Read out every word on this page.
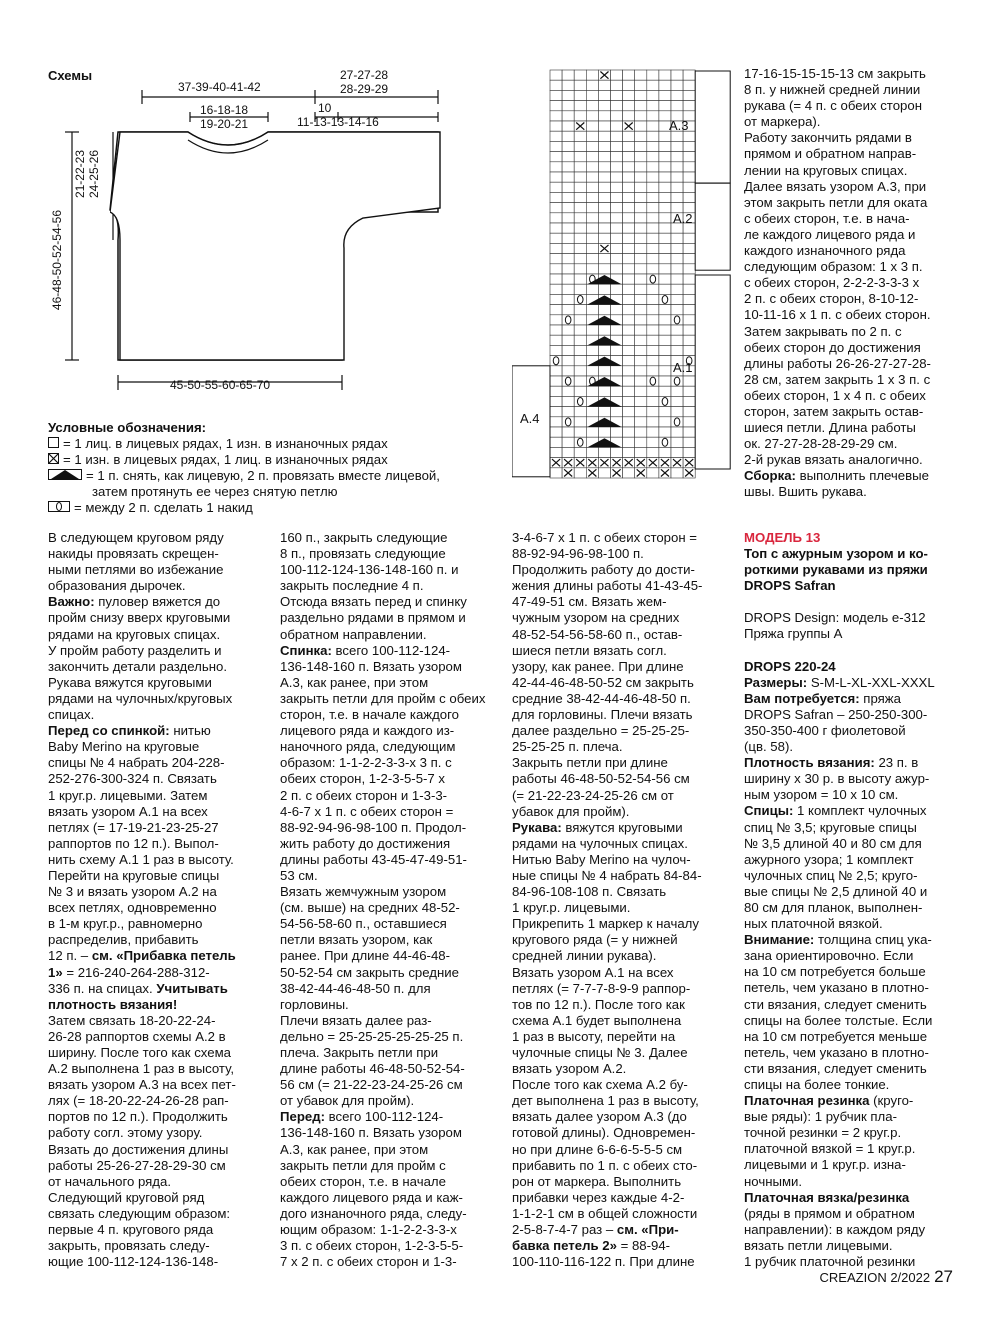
Схемы
37-39-40-41-42
27-27-28
28-29-29
16-18-18
19-20-21
10
11-13-13-14-16
21-22-23 24-25-26
46-48-50-52-54-56
45-50-55-60-65-70
Условные обозначения:
= 1 лиц. в лицевых рядах, 1 изн. в изнаночных рядах
= 1 изн. в лицевых рядах, 1 лиц. в изнаночных рядах
= 1 п. снять, как лицевую, 2 п. провязать вместе лицевой,
затем протянуть ее через снятую петлю
= между 2 п. сделать 1 накид
A.3
A.2
A.1
A.4

17-16-15-15-15-13 см закрыть

8 п. у нижней средней линии

рукава (= 4 п. с обеих сторон

от маркера).

Работу закончить рядами в

прямом и обратном направ-

лении на круговых спицах.

Далее вязать узором A.3, при

этом закрыть петли для оката

с обеих сторон, т.е. в нача-

ле каждого лицевого ряда и

каждого изнаночного ряда

следующим образом: 1 x 3 п.

с обеих сторон, 2-2-2-3-3-3 x

2 п. с обеих сторон, 8-10-12-

10-11-16 x 1 п. с обеих сторон.

Затем закрывать по 2 п. с

обеих сторон до достижения

длины работы 26-26-27-27-28-

28 см, затем закрыть 1 x 3 п. с

обеих сторон, 1 x 4 п. с обеих

сторон, затем закрыть остав-

шиеся петли. Длина работы

ок. 27-27-28-28-29-29 см.

2-й рукав вязать аналогично.

Сборка: выполнить плечевые

швы. Вшить рукава.

В следующем круговом ряду

накиды провязать скрещен-

ными петлями во избежание

образования дырочек.

Важно: пуловер вяжется до

пройм снизу вверх круговыми

рядами на круговых спицах.

У пройм работу разделить и

закончить детали раздельно.

Рукава вяжутся круговыми

рядами на чулочных/круговых

спицах.

Перед со спинкой: нитью

Baby Merino на круговые

спицы № 4 набрать 204-228-

252-276-300-324 п. Связать

1 круг.р. лицевыми. Затем

вязать узором A.1 на всех

петлях (= 17-19-21-23-25-27

раппортов по 12 п.). Выпол-

нить схему A.1 1 раз в высоту.

Перейти на круговые спицы

№ 3 и вязать узором A.2 на

всех петлях, одновременно

в 1-м круг.р., равномерно

распределив, прибавить

12 п. – см. «Прибавка петель

1» = 216-240-264-288-312-

336 п. на спицах. Учитывать

плотность вязания!

Затем связать 18-20-22-24-

26-28 раппортов схемы A.2 в

ширину. После того как схема

A.2 выполнена 1 раз в высоту,

вязать узором A.3 на всех пет-

лях (= 18-20-22-24-26-28 рап-

портов по 12 п.). Продолжить

работу согл. этому узору.

Вязать до достижения длины

работы 25-26-27-28-29-30 см

от начального ряда.

Следующий круговой ряд

связать следующим образом:

первые 4 п. кругового ряда

закрыть, провязать следу-

ющие 100-112-124-136-148-

160 п., закрыть следующие

8 п., провязать следующие

100-112-124-136-148-160 п. и

закрыть последние 4 п.

Отсюда вязать перед и спинку

раздельно рядами в прямом и

обратном направлении.

Спинка: всего 100-112-124-

136-148-160 п. Вязать узором

A.3, как ранее, при этом

закрыть петли для пройм с обеих

сторон, т.е. в начале каждого

лицевого ряда и каждого из-

наночного ряда, следующим

образом: 1-1-2-2-3-3-x 3 п. с

обеих сторон, 1-2-3-5-5-7 x

2 п. с обеих сторон и 1-3-3-

4-6-7 x 1 п. с обеих сторон =

88-92-94-96-98-100 п. Продол-

жить работу до достижения

длины работы 43-45-47-49-51-

53 см.

Вязать жемчужным узором

(см. выше) на средних 48-52-

54-56-58-60 п., оставшиеся

петли вязать узором, как

ранее. При длине 44-46-48-

50-52-54 см закрыть средние

38-42-44-46-48-50 п. для

горловины.

Плечи вязать далее раз-

дельно = 25-25-25-25-25-25 п.

плеча. Закрыть петли при

длине работы 46-48-50-52-54-

56 см (= 21-22-23-24-25-26 см

от убавок для пройм).

Перед: всего 100-112-124-

136-148-160 п. Вязать узором

A.3, как ранее, при этом

закрыть петли для пройм с

обеих сторон, т.е. в начале

каждого лицевого ряда и каж-

дого изнаночного ряда, следу-

ющим образом: 1-1-2-2-3-3-x

3 п. с обеих сторон, 1-2-3-5-5-

7 x 2 п. с обеих сторон и 1-3-

3-4-6-7 x 1 п. с обеих сторон =

88-92-94-96-98-100 п.

Продолжить работу до дости-

жения длины работы 41-43-45-

47-49-51 см. Вязать жем-

чужным узором на средних

48-52-54-56-58-60 п., остав-

шиеся петли вязать согл.

узору, как ранее. При длине

42-44-46-48-50-52 см закрыть

средние 38-42-44-46-48-50 п.

для горловины. Плечи вязать

далее раздельно = 25-25-25-

25-25-25 п. плеча.

Закрыть петли при длине

работы 46-48-50-52-54-56 см

(= 21-22-23-24-25-26 см от

убавок для пройм).

Рукава: вяжутся круговыми

рядами на чулочных спицах.

Нитью Baby Merino на чулоч-

ные спицы № 4 набрать 84-84-

84-96-108-108 п. Связать

1 круг.р. лицевыми.

Прикрепить 1 маркер к началу

кругового ряда (= у нижней

средней линии рукава).

Вязать узором A.1 на всех

петлях (= 7-7-7-8-9-9 раппор-

тов по 12 п.). После того как

схема A.1 будет выполнена

1 раз в высоту, перейти на

чулочные спицы № 3. Далее

вязать узором A.2.

После того как схема A.2 бу-

дет выполнена 1 раз в высоту,

вязать далее узором A.3 (до

готовой длины). Одновремен-

но при длине 6-6-6-5-5-5 см

прибавить по 1 п. с обеих сто-

рон от маркера. Выполнить

прибавки через каждые 4-2-

1-1-2-1 см в общей сложности

2-5-8-7-4-7 раз – см. «При-

бавка петель 2» = 88-94-

100-110-116-122 п. При длине

МОДЕЛЬ 13

Топ с ажурным узором и ко-

роткими рукавами из пряжи

DROPS Safran

DROPS Design: модель e-312

Пряжа группы A

DROPS 220-24

Размеры: S-M-L-XL-XXL-XXXL

Вам потребуется: пряжа

DROPS Safran – 250-250-300-

350-350-400 г фиолетовой

(цв. 58).

Плотность вязания: 23 п. в

ширину x 30 р. в высоту ажур-

ным узором = 10 x 10 см.

Спицы: 1 комплект чулочных

спиц № 3,5; круговые спицы

№ 3,5 длиной 40 и 80 см для

ажурного узора; 1 комплект

чулочных спиц № 2,5; круго-

вые спицы № 2,5 длиной 40 и

80 см для планок, выполнен-

ных платочной вязкой.

Внимание: толщина спиц ука-

зана ориентировочно. Если

на 10 см потребуется больше

петель, чем указано в плотно-

сти вязания, следует сменить

спицы на более толстые. Если

на 10 см потребуется меньше

петель, чем указано в плотно-

сти вязания, следует сменить

спицы на более тонкие.

Платочная резинка (круго-

вые ряды): 1 рубчик пла-

точной резинки = 2 круг.р.

платочной вязкой = 1 круг.р.

лицевыми и 1 круг.р. изна-

ночными.

Платочная вязка/резинка

(ряды в прямом и обратном

направлении): в каждом ряду

вязать петли лицевыми.

1 рубчик платочной резинки

CREAZION 2/2022 27
